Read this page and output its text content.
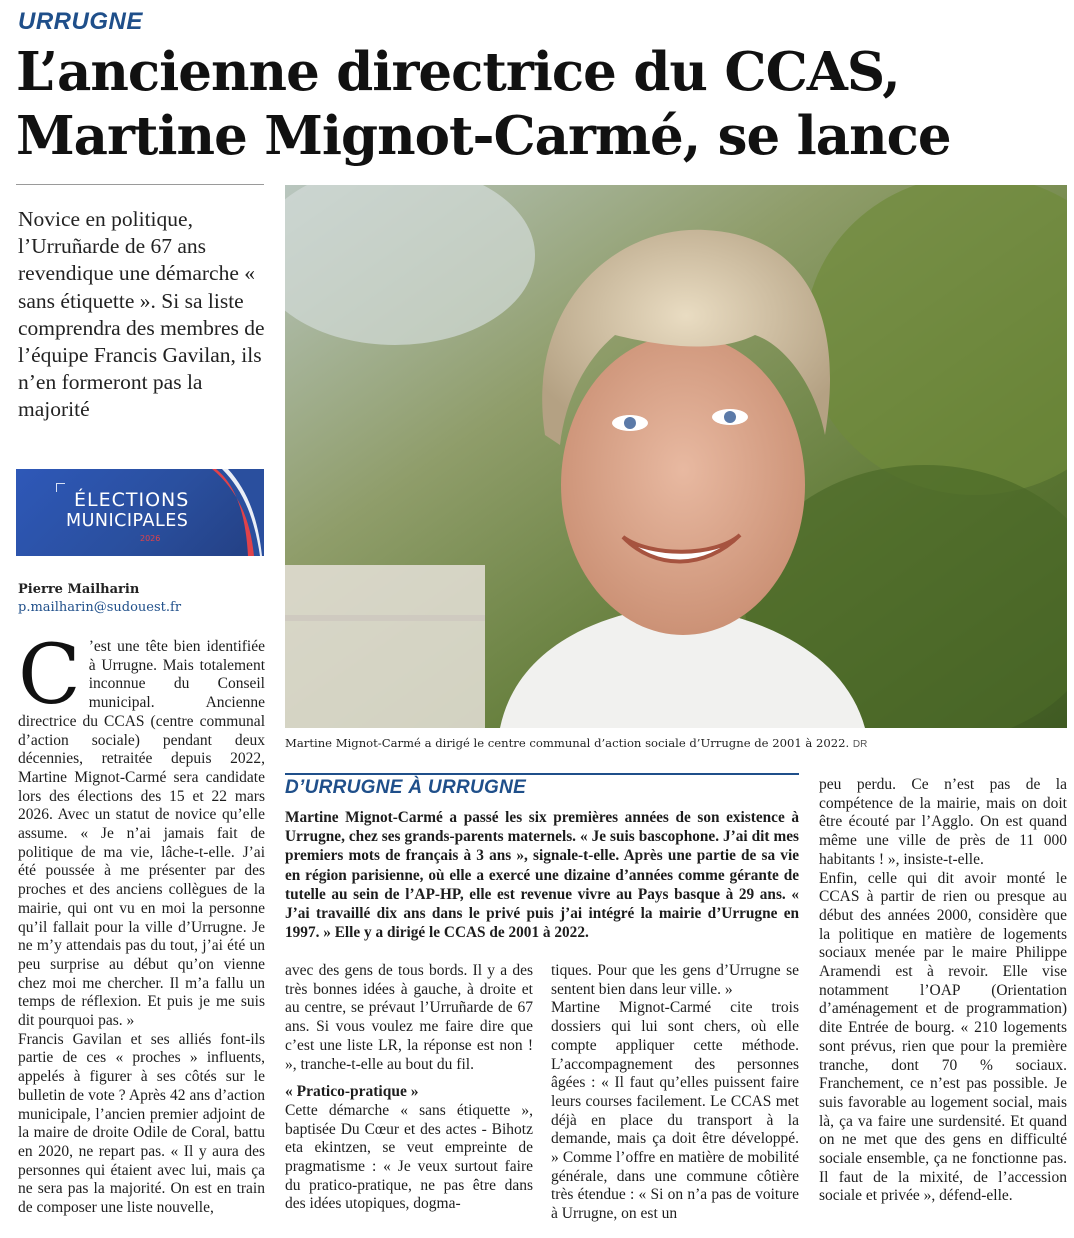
URRUGNE
L’ancienne directrice du CCAS, Martine Mignot-Carmé, se lance
Novice en politique, l’Urruñarde de 67 ans revendique une démarche « sans étiquette ». Si sa liste comprendra des membres de l’équipe Francis Gavilan, ils n’en formeront pas la majorité
ÉLECTIONS
MUNICIPALES
2026
Pierre Mailharin
p.mailharin@sudouest.fr

C ’est une tête bien identifiée à Urrugne. Mais totalement inconnue du Conseil municipal. Ancienne directrice du CCAS (centre communal d’action sociale) pendant deux décennies, retraitée depuis 2022, Martine Mignot-Carmé sera candidate lors des élections des 15 et 22 mars 2026. Avec un statut de novice qu’elle assume. « Je n’ai jamais fait de politique de ma vie, lâche-t-elle. J’ai été poussée à me présenter par des proches et des anciens collègues de la mairie, qui ont vu en moi la personne qu’il fallait pour la ville d’Urrugne. Je ne m’y attendais pas du tout, j’ai été un peu surprise au début qu’on vienne chez moi me chercher. Il m’a fallu un temps de réflexion. Et puis je me suis dit pourquoi pas. »

Francis Gavilan et ses alliés font-ils partie de ces « proches » influents, appelés à figurer à ses côtés sur le bulletin de vote ? Après 42 ans d’action municipale, l’ancien premier adjoint de la maire de droite Odile de Coral, battu en 2020, ne repart pas. « Il y aura des personnes qui étaient avec lui, mais ça ne sera pas la majorité. On est en train de composer une liste nouvelle,

Martine Mignot-Carmé a dirigé le centre communal d’action sociale d’Urrugne de 2001 à 2022. DR
D’URRUGNE À URRUGNE

Martine Mignot-Carmé a passé les six premières années de son existence à Urrugne, chez ses grands-parents maternels. « Je suis bascophone. J’ai dit mes premiers mots de français à 3 ans », signale-t-elle. Après une partie de sa vie en région parisienne, où elle a exercé une dizaine d’années comme gérante de tutelle au sein de l’AP-HP, elle est revenue vivre au Pays basque à 29 ans. « J’ai travaillé dix ans dans le privé puis j’ai intégré la mairie d’Urrugne en 1997. » Elle y a dirigé le CCAS de 2001 à 2022.

avec des gens de tous bords. Il y a des très bonnes idées à gauche, à droite et au centre, se prévaut l’Urruñarde de 67 ans. Si vous voulez me faire dire que c’est une liste LR, la réponse est non ! », tranche-t-elle au bout du fil.

« Pratico-pratique »

Cette démarche « sans étiquette », baptisée Du Cœur et des actes - Bihotz eta ekintzen, se veut empreinte de pragmatisme : « Je veux surtout faire du pratico-pratique, ne pas être dans des idées utopiques, dogma-

tiques. Pour que les gens d’Urrugne se sentent bien dans leur ville. »

Martine Mignot-Carmé cite trois dossiers qui lui sont chers, où elle compte appliquer cette méthode. L’accompagnement des personnes âgées : « Il faut qu’elles puissent faire leurs courses facilement. Le CCAS met déjà en place du transport à la demande, mais ça doit être développé. » Comme l’offre en matière de mobilité générale, dans une commune côtière très étendue : « Si on n’a pas de voiture à Urrugne, on est un

peu perdu. Ce n’est pas de la compétence de la mairie, mais on doit être écouté par l’Agglo. On est quand même une ville de près de 11 000 habitants ! », insiste-t-elle.

Enfin, celle qui dit avoir monté le CCAS à partir de rien ou presque au début des années 2000, considère que la politique en matière de logements sociaux menée par le maire Philippe Aramendi est à revoir. Elle vise notamment l’OAP (Orientation d’aménagement et de programmation) dite Entrée de bourg. « 210 logements sont prévus, rien que pour la première tranche, dont 70 % sociaux. Franchement, ce n’est pas possible. Je suis favorable au logement social, mais là, ça va faire une surdensité. Et quand on ne met que des gens en difficulté sociale ensemble, ça ne fonctionne pas. Il faut de la mixité, de l’accession sociale et privée », défend-elle.
